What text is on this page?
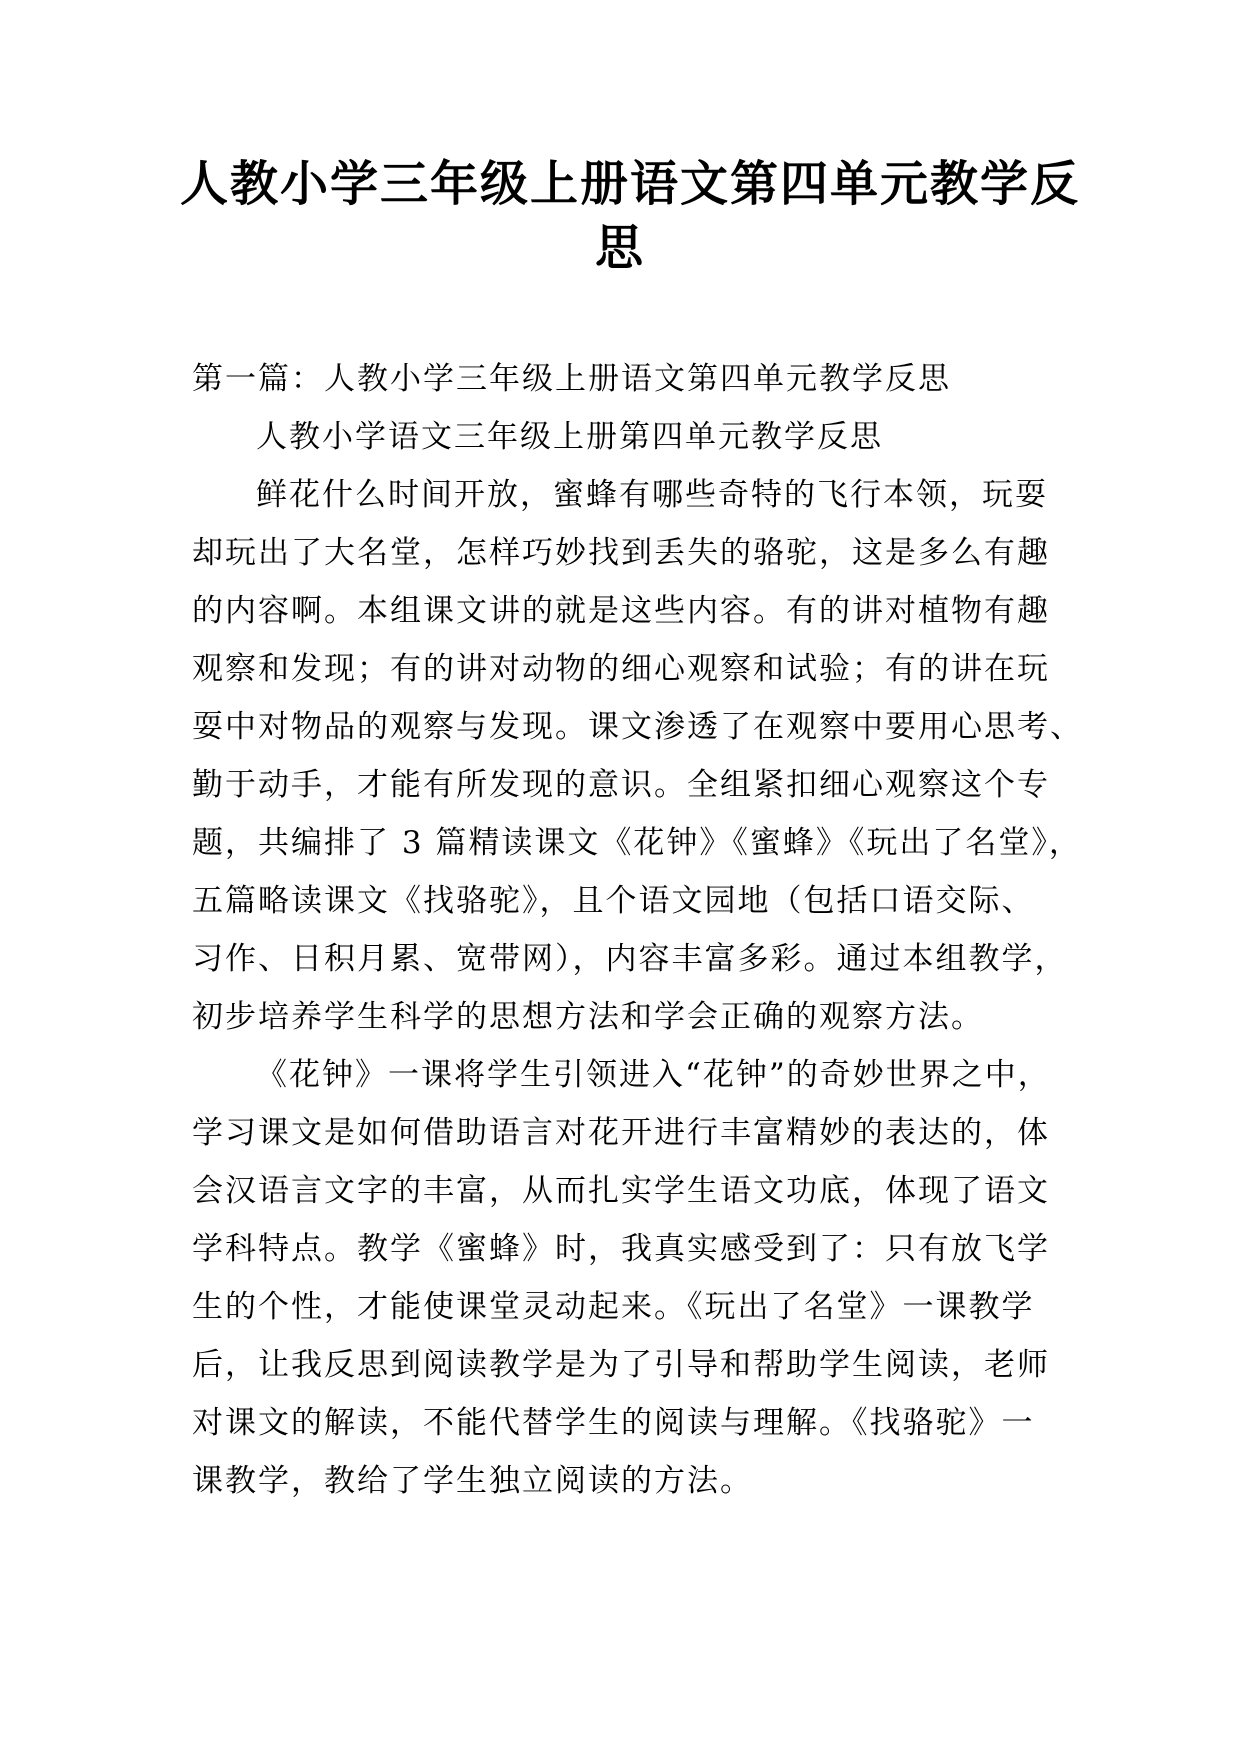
人教小学三年级上册语文第四单元教学反
思
第一篇：人教小学三年级上册语文第四单元教学反思
人教小学语文三年级上册第四单元教学反思
鲜花什么时间开放，蜜蜂有哪些奇特的飞行本领，玩耍
却玩出了大名堂，怎样巧妙找到丢失的骆驼，这是多么有趣
的内容啊。本组课文讲的就是这些内容。有的讲对植物有趣
观察和发现；有的讲对动物的细心观察和试验；有的讲在玩
耍中对物品的观察与发现。课文渗透了在观察中要用心思考、
勤于动手，才能有所发现的意识。全组紧扣细心观察这个专
题，共编排了 3 篇精读课文《花钟》《蜜蜂》《玩出了名堂》，
五篇略读课文《找骆驼》，且个语文园地（包括口语交际、
习作、日积月累、宽带网），内容丰富多彩。通过本组教学，
初步培养学生科学的思想方法和学会正确的观察方法。
《花钟》一课将学生引领进入“花钟”的奇妙世界之中，
学习课文是如何借助语言对花开进行丰富精妙的表达的，体
会汉语言文字的丰富，从而扎实学生语文功底，体现了语文
学科特点。教学《蜜蜂》时，我真实感受到了：只有放飞学
生的个性，才能使课堂灵动起来。《玩出了名堂》一课教学
后，让我反思到阅读教学是为了引导和帮助学生阅读，老师
对课文的解读，不能代替学生的阅读与理解。《找骆驼》一
课教学，教给了学生独立阅读的方法。
